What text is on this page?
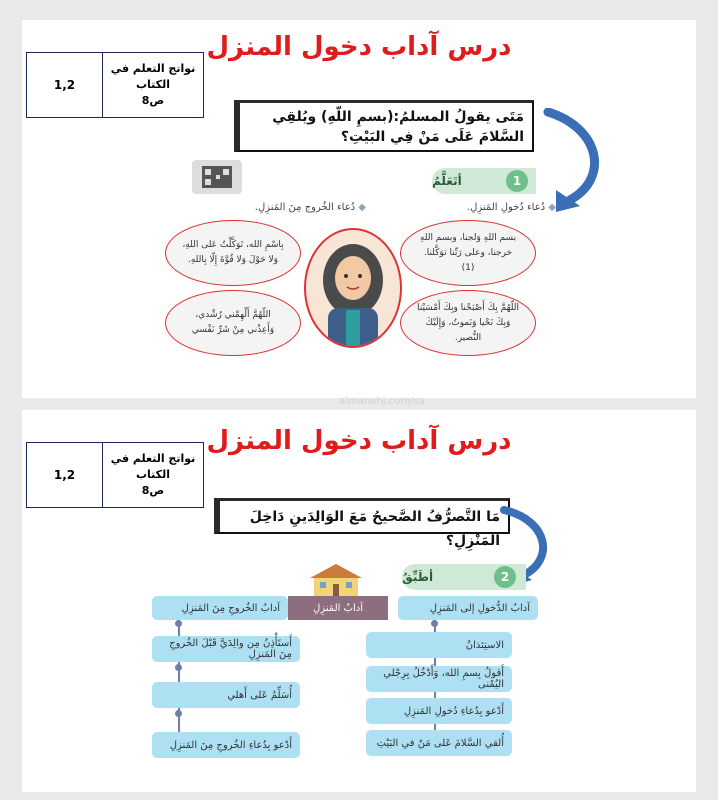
درس آداب دخول المنزل
1,2
نواتج التعلم في الكتاب
ص8
مَتَى يقولُ المسلمُ:(بسمِ اللّهِ) ويُلقِي السَّلامَ عَلَى مَنْ فِي البَيْتِ؟
أتَعَلَّمُ	1
◆ دُعاء دُخولِ المَنزِلِ.
◆ دُعاء الخُروج مِنَ المَنزِلِ.
بسم اللهِ وَلجنا، وبسم اللهِ خرجنا، وعلى رَبِّنا توَكَّلنا. (1)
اللّهُمَّ بِكَ أَصْبَحْنا وبِكَ أَمْسَيْنا وَبِكَ نَحْيا وَنَموتُ، وَإِلَيْكَ النُّصير.
بِاسْمِ الله، تَوَكَّلْتُ عَلى اللهِ، وَلا حَوْلَ وَلا قُوَّةَ إِلّا بِاللهِ.
اللّهُمَّ أَلْهِمْني رُشْدي، وَأَعِذْني مِنْ شَرِّ نَفْسي
almanahj.com/sa
درس آداب دخول المنزل
1,2
نواتج التعلم في الكتاب
ص8
مَا التَّصرُّفُ الصَّحيحُ مَعَ الوَالِدَينِ دَاخِلَ المَنْزِلِ؟
أطَبِّقُ	2
آدابُ المَنزِلِ	آدابُ الدُّخولِ إلى المَنزِلِ
آدابُ الخُروجِ مِنَ المَنزِلِ
الاستِئذانُ
أَقولُ بِسمِ الله، وَأَدْخُلُ بِرِجْلي اليُمْنى
أَدْعو بِدُعاءِ دُخولِ المَنزِلِ
أُلقي السَّلامَ عَلى مَنْ في البَيْتِ
أَستَأْذِنُ مِن والِدَيَّ قَبْلَ الخُروجِ مِنَ المَنزِلِ
أُسَلِّمُ عَلى أَهلي
أَدْعو بِدُعاءِ الخُروجِ مِنَ المَنزِلِ
